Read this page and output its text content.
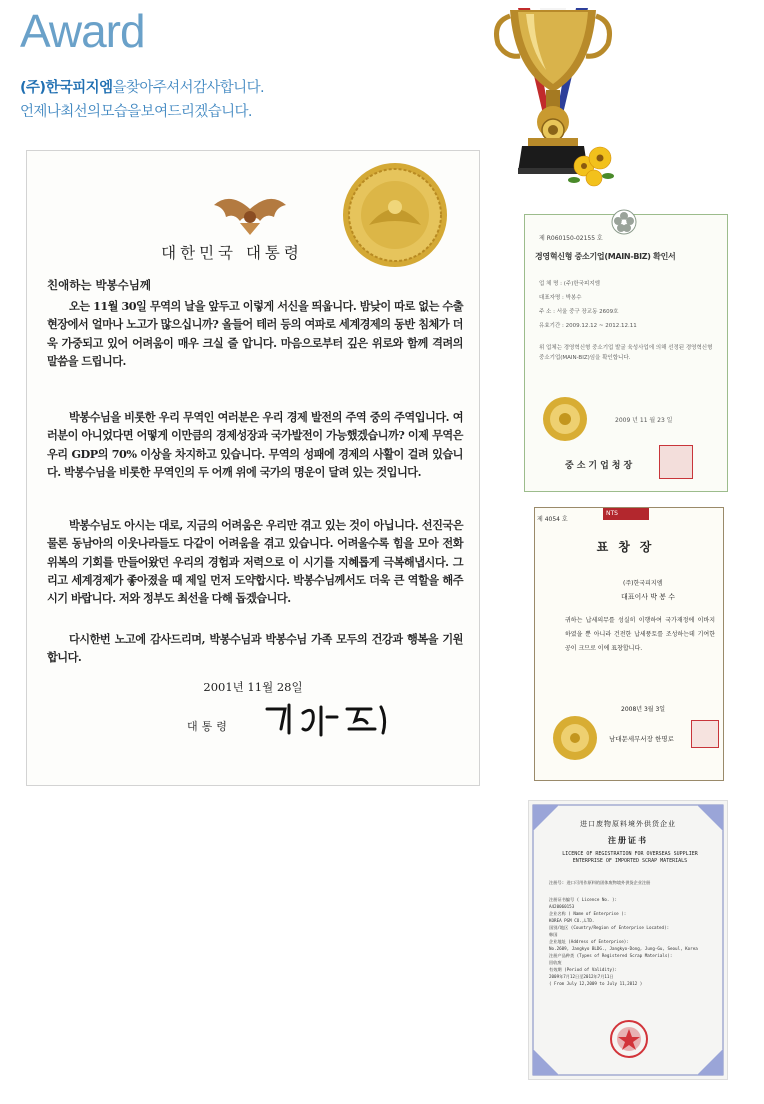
Award
(주)한국피지엠을찾아주셔서감사합니다.
언제나최선의모습을보여드리겠습니다.
대한민국 대통령
친애하는 박봉수님께
오는 11월 30일 무역의 날을 앞두고 이렇게 서신을 띄웁니다. 밤낮이 따로 없는 수출현장에서 얼마나 노고가 많으십니까? 올들어 테러 등의 여파로 세계경제의 동반 침체가 더욱 가중되고 있어 어려움이 매우 크실 줄 압니다. 마음으로부터 깊은 위로와 함께 격려의 말씀을 드립니다.
박봉수님을 비롯한 우리 무역인 여러분은 우리 경제 발전의 주역 중의 주역입니다. 여러분이 아니었다면 어떻게 이만큼의 경제성장과 국가발전이 가능했겠습니까? 이제 무역은 우리 GDP의 70% 이상을 차지하고 있습니다. 무역의 성패에 경제의 사활이 걸려 있습니다. 박봉수님을 비롯한 무역인의 두 어깨 위에 국가의 명운이 달려 있는 것입니다.
박봉수님도 아시는 대로, 지금의 어려움은 우리만 겪고 있는 것이 아닙니다. 선진국은 물론 동남아의 이웃나라들도 다같이 어려움을 겪고 있습니다. 어려울수록 힘을 모아 전화위복의 기회를 만들어왔던 우리의 경험과 저력으로 이 시기를 지혜롭게 극복해냅시다. 그리고 세계경제가 좋아졌을 때 제일 먼저 도약합시다. 박봉수님께서도 더욱 큰 역할을 해주시기 바랍니다. 저와 정부도 최선을 다해 돕겠습니다.
다시한번 노고에 감사드리며, 박봉수님과 박봉수님 가족 모두의 건강과 행복을 기원합니다.
2001년 11월 28일
대통령
제 R060150-02155 호
경영혁신형 중소기업(MAIN-BIZ) 확인서
업 체 명 : (주)한국피지엠
대표자명 : 박봉수
주 소 : 서울 중구 장교동 2609호
유효기간 : 2009.12.12 ~ 2012.12.11
위 업체는 경영혁신형 중소기업 발굴 육성사업에 의해 선정된 경영혁신형 중소기업(MAIN-BIZ)임을 확인합니다.
2009 년 11 월 23 일
중소기업청장
제 4054 호
NTS
표창장
(주)한국피지엠
대표이사 박 봉 수
귀하는 납세의무를 성실히 이행하여 국가재정에 이바지 하였을 뿐 아니라 건전한 납세풍토를 조성하는데 기여한 공이 크므로 이에 표창합니다.
2008년 3월 3일
남대문세무서장 한명로
进口废物原料境外供货企业
注册证书
LICENCE OF REGISTRATION FOR OVERSEAS SUPPLIER ENTERPRISE OF IMPORTED SCRAP MATERIALS
注册号: 进口可用作原料的固体废物境外供货企业注册
注册证书编号 ( Licence No. ):
A420060153
企业名称 ( Name of Enterprise ):
KOREA PGM CO.,LTD.
国别/地区 (Country/Region of Enterprise Located):
韩国
企业地址 (Address of Enterprise):
No.2609, Jangkyo BLDG., Jangkyo-Dong, Jung-Gu, Seoul, Korea
注册产品种类 (Types of Registered Scrap Materials):
回收废
有效期 (Period of Validity):
2009年7月12日至2012年7月11日
( From July 12,2009 to July 11,2012 )
